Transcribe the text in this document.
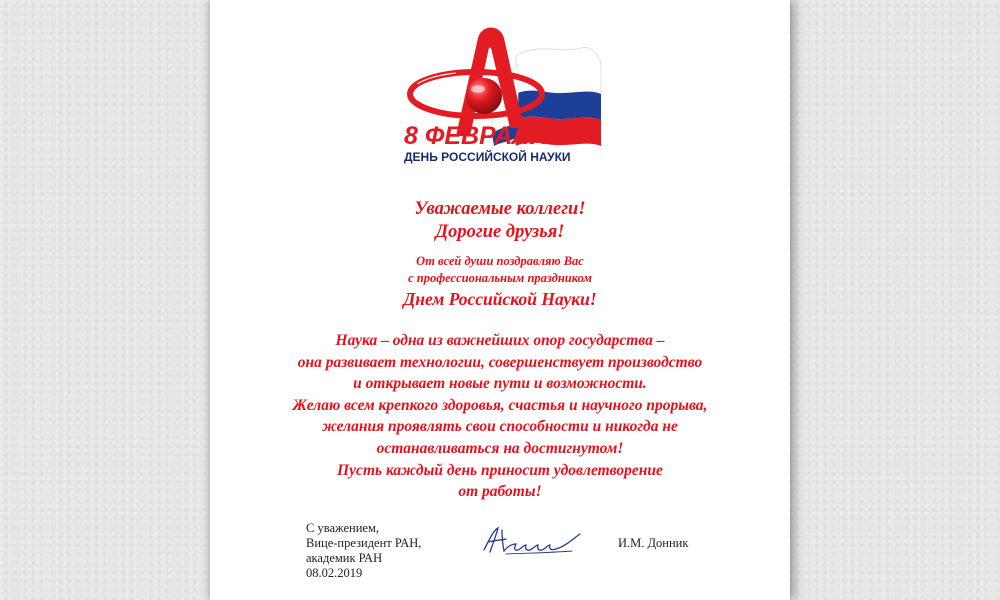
8 ФЕВРАЛЯ
ДЕНЬ РОССИЙСКОЙ НАУКИ
Уважаемые коллеги!
Дорогие друзья!
От всей души поздравляю Вас
с профессиональным праздником
Днем Российской Науки!
Наука – одна из важнейших опор государства –
она развивает технологии, совершенствует производство
и открывает новые пути и возможности.
Желаю всем крепкого здоровья, счастья и научного прорыва,
желания проявлять свои способности и никогда не
останавливаться на достигнутом!
Пусть каждый день приносит удовлетворение
от работы!
С уважением,
Вице-президент РАН,
академик РАН
08.02.2019
И.М. Донник
